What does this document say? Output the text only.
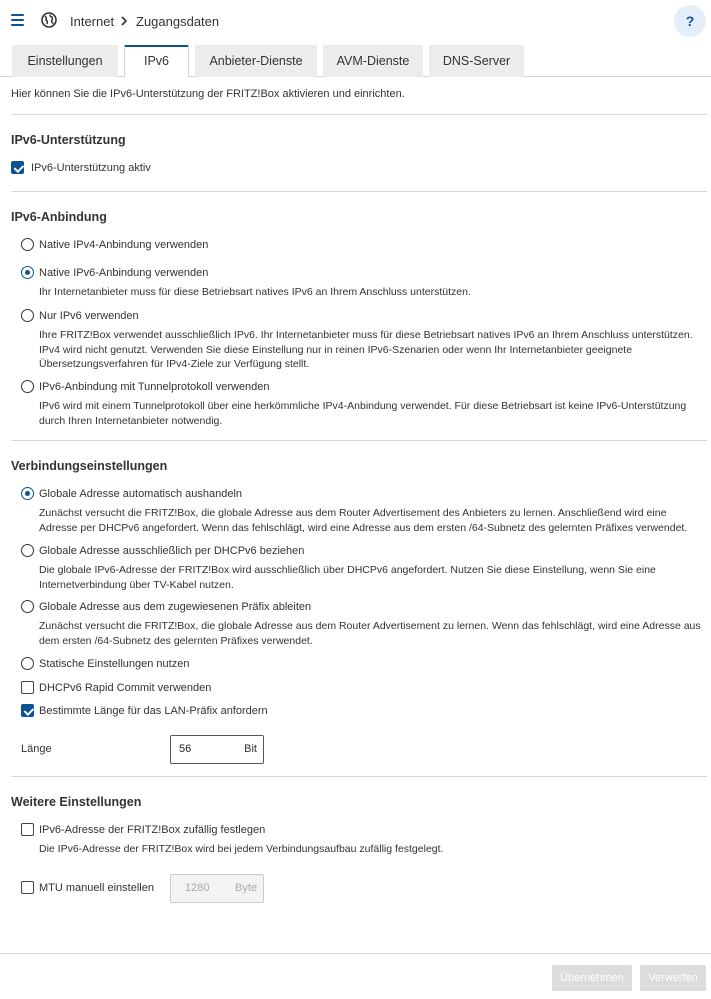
Internet Zugangsdaten	?
Einstellungen	IPv6	Anbieter-Dienste	AVM-Dienste	DNS-Server
Hier können Sie die IPv6-Unterstützung der FRITZ!Box aktivieren und einrichten.
IPv6-Unterstützung
IPv6-Unterstützung aktiv
IPv6-Anbindung
Native IPv4-Anbindung verwenden
Native IPv6-Anbindung verwenden
Ihr Internetanbieter muss für diese Betriebsart natives IPv6 an Ihrem Anschluss unterstützen.
Nur IPv6 verwenden
Ihre FRITZ!Box verwendet ausschließlich IPv6. Ihr Internetanbieter muss für diese Betriebsart natives IPv6 an Ihrem Anschluss unterstützen. IPv4 wird nicht genutzt. Verwenden Sie diese Einstellung nur in reinen IPv6-Szenarien oder wenn Ihr Internetanbieter geeignete Übersetzungsverfahren für IPv4-Ziele zur Verfügung stellt.
IPv6-Anbindung mit Tunnelprotokoll verwenden
IPv6 wird mit einem Tunnelprotokoll über eine herkömmliche IPv4-Anbindung verwendet. Für diese Betriebsart ist keine IPv6-Unterstützung durch Ihren Internetanbieter notwendig.
Verbindungseinstellungen
Globale Adresse automatisch aushandeln
Zunächst versucht die FRITZ!Box, die globale Adresse aus dem Router Advertisement des Anbieters zu lernen. Anschließend wird eine Adresse per DHCPv6 angefordert. Wenn das fehlschlägt, wird eine Adresse aus dem ersten /64-Subnetz des gelernten Präfixes verwendet.
Globale Adresse ausschließlich per DHCPv6 beziehen
Die globale IPv6-Adresse der FRITZ!Box wird ausschließlich über DHCPv6 angefordert. Nutzen Sie diese Einstellung, wenn Sie eine Internetverbindung über TV-Kabel nutzen.
Globale Adresse aus dem zugewiesenen Präfix ableiten
Zunächst versucht die FRITZ!Box, die globale Adresse aus dem Router Advertisement zu lernen. Wenn das fehlschlägt, wird eine Adresse aus dem ersten /64-Subnetz des gelernten Präfixes verwendet.
Statische Einstellungen nutzen
DHCPv6 Rapid Commit verwenden
Bestimmte Länge für das LAN-Präfix anfordern
Länge	56	Bit
Weitere Einstellungen
IPv6-Adresse der FRITZ!Box zufällig festlegen
Die IPv6-Adresse der FRITZ!Box wird bei jedem Verbindungsaufbau zufällig festgelegt.
MTU manuell einstellen	1280 Byte
Übernehmen	Verwerfen
